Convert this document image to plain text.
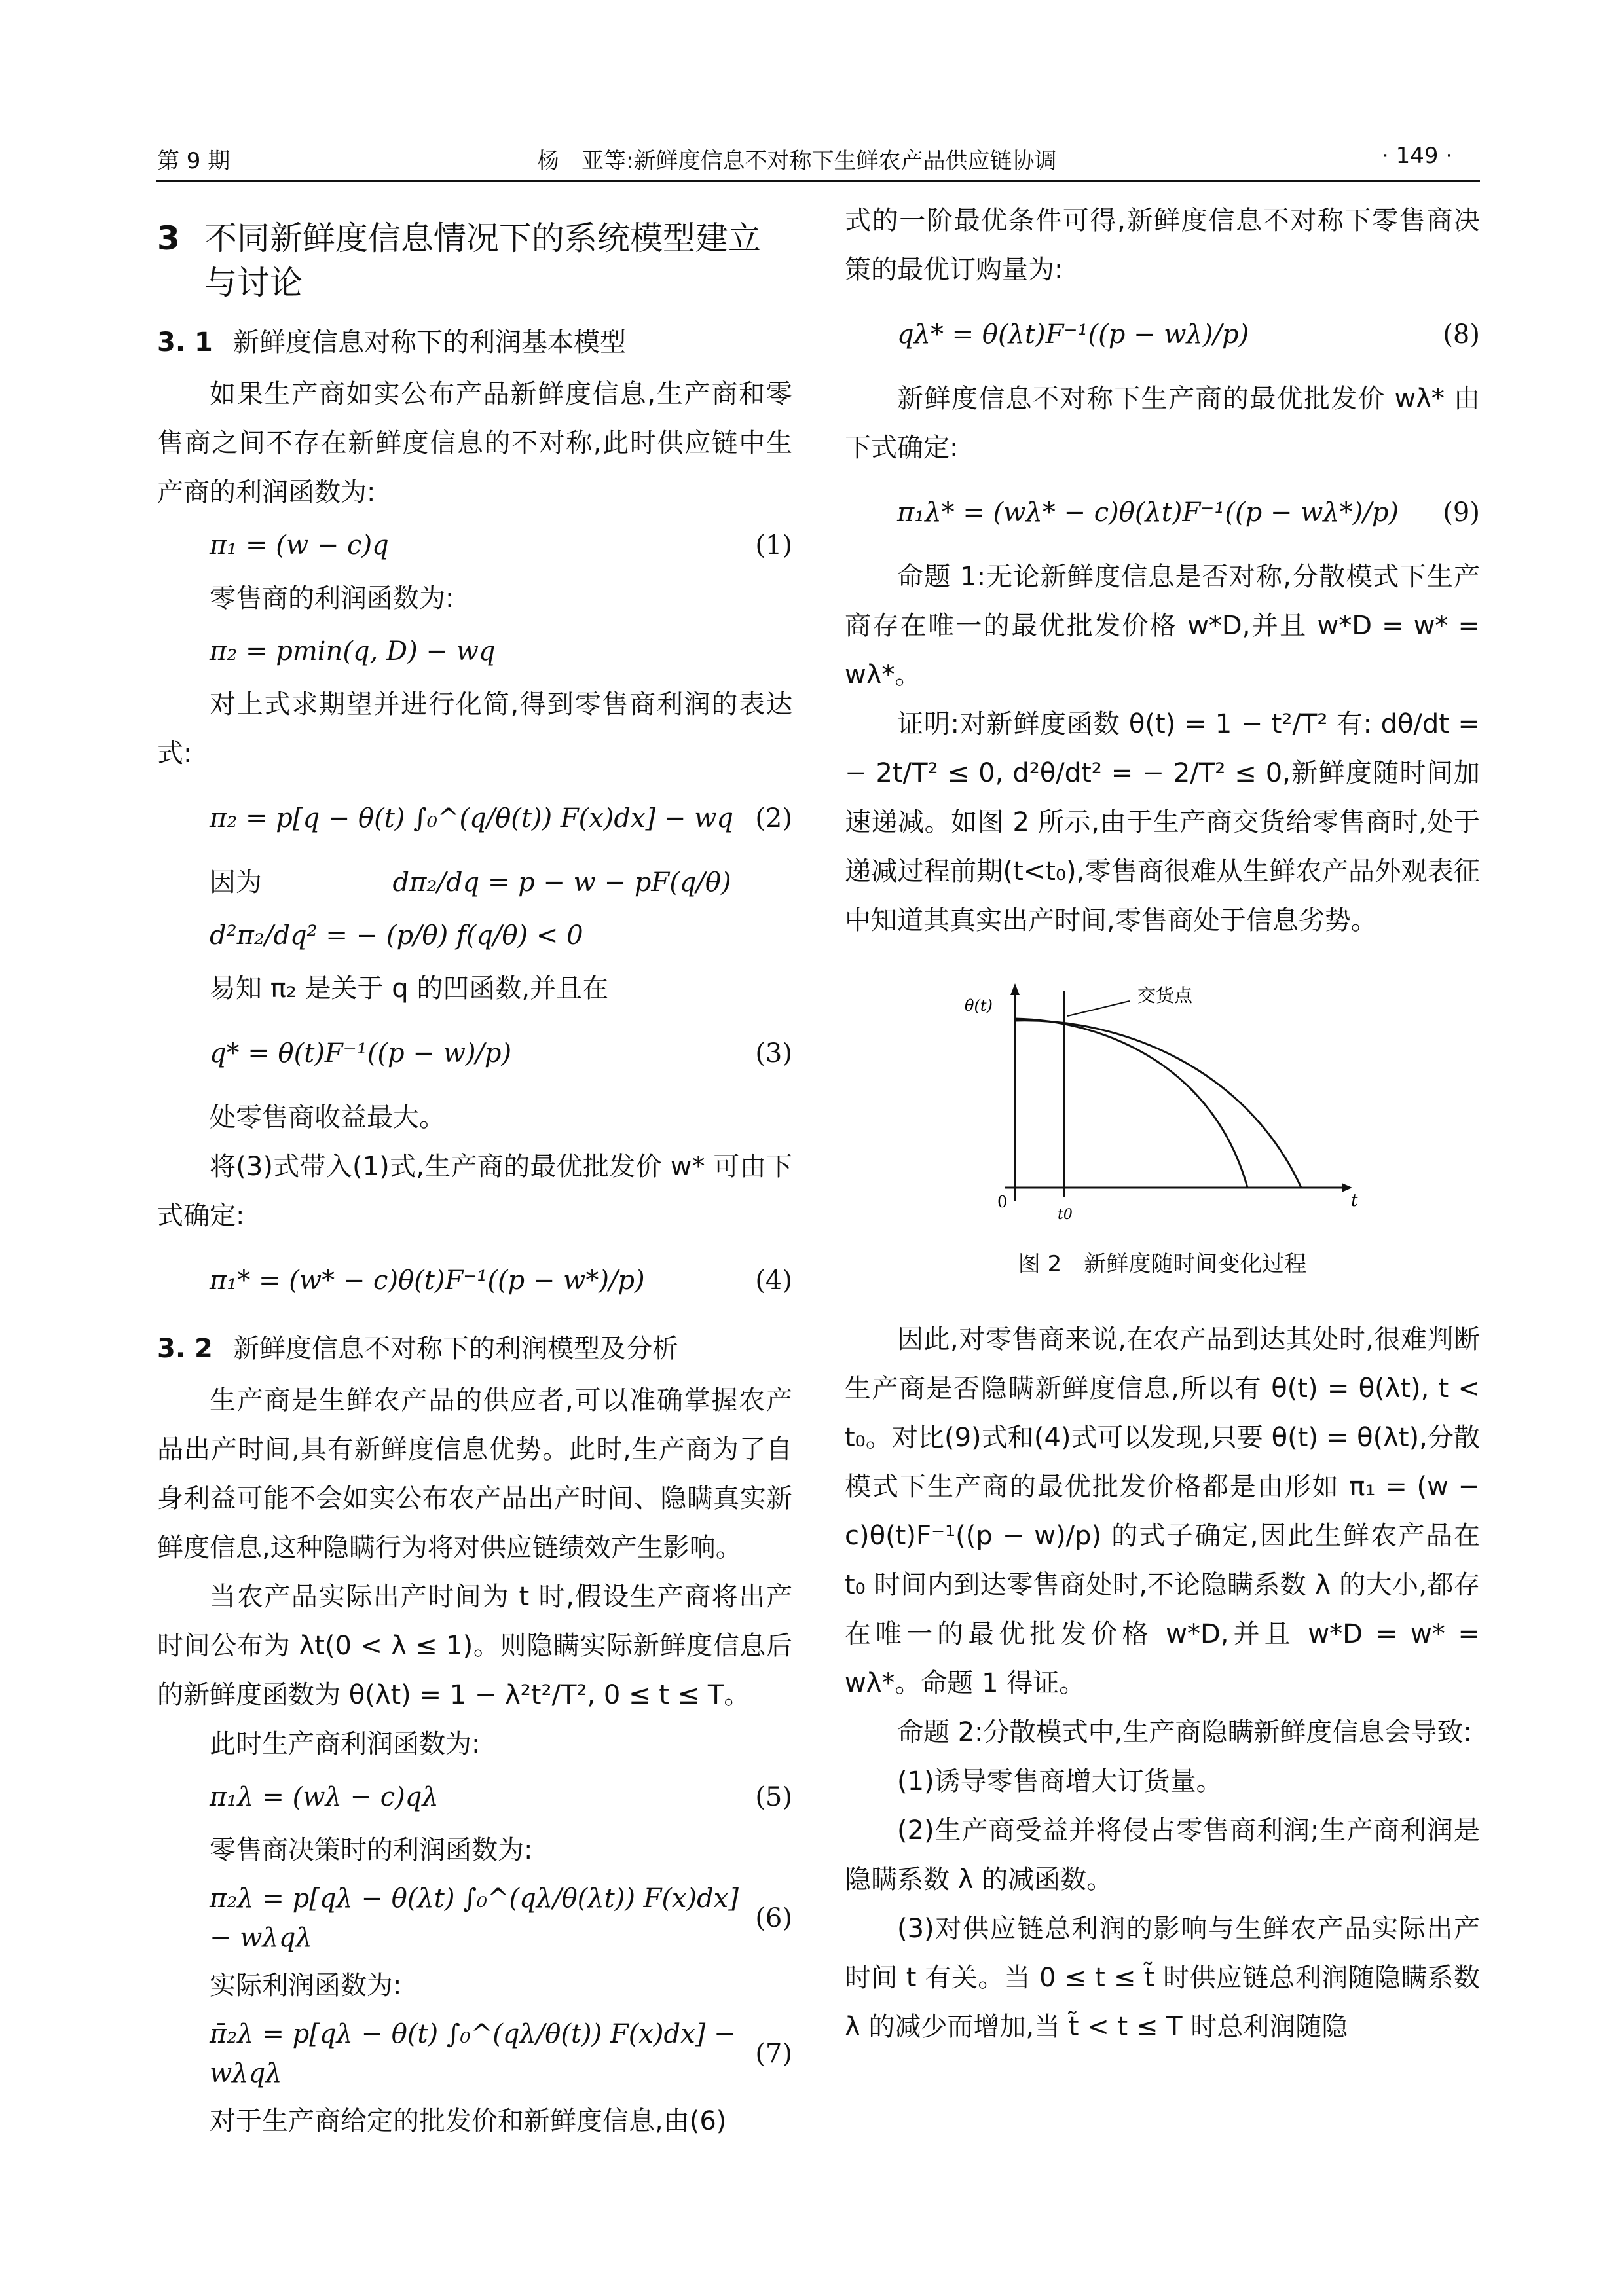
第 9 期	杨　亚等:新鲜度信息不对称下生鲜农产品供应链协调	· 149 ·
3 不同新鲜度信息情况下的系统模型建立与讨论
3. 1 新鲜度信息对称下的利润基本模型

如果生产商如实公布产品新鲜度信息,生产商和零售商之间不存在新鲜度信息的不对称,此时供应链中生产商的利润函数为:

π₁ = (w − c)q	(1)

零售商的利润函数为:

π₂ = pmin(q, D) − wq

对上式求期望并进行化简,得到零售商利润的表达式:

π₂ = p[q − θ(t) ∫₀^(q/θ(t)) F(x)dx] − wq (2)
因为
	dπ₂/dq = p − w − pF(q/θ)
d²π₂/dq² = − (p/θ) f(q/θ) < 0

易知 π₂ 是关于 q 的凹函数,并且在

q* = θ(t)F⁻¹((p − w)/p)	(3)

处零售商收益最大。

将(3)式带入(1)式,生产商的最优批发价 w* 可由下式确定:

π₁* = (w* − c)θ(t)F⁻¹((p − w*)/p)	(4)
3. 2 新鲜度信息不对称下的利润模型及分析

生产商是生鲜农产品的供应者,可以准确掌握农产品出产时间,具有新鲜度信息优势。此时,生产商为了自身利益可能不会如实公布农产品出产时间、隐瞒真实新鲜度信息,这种隐瞒行为将对供应链绩效产生影响。

当农产品实际出产时间为 t 时,假设生产商将出产时间公布为 λt(0 < λ ≤ 1)。则隐瞒实际新鲜度信息后的新鲜度函数为 θ(λt) = 1 − λ²t²/T², 0 ≤ t ≤ T。

此时生产商利润函数为:

π₁λ = (wλ − c)qλ	(5)

零售商决策时的利润函数为:

π₂λ = p[qλ − θ(λt) ∫₀^(qλ/θ(λt)) F(x)dx] − wλqλ
(6)

实际利润函数为:

π̄₂λ = p[qλ − θ(t) ∫₀^(qλ/θ(t)) F(x)dx] − wλqλ
(7)

对于生产商给定的批发价和新鲜度信息,由(6)

式的一阶最优条件可得,新鲜度信息不对称下零售商决策的最优订购量为:

qλ* = θ(λt)F⁻¹((p − wλ)/p)	(8)

新鲜度信息不对称下生产商的最优批发价 wλ* 由下式确定:

π₁λ* = (wλ* − c)θ(λt)F⁻¹((p − wλ*)/p) (9)

命题 1:无论新鲜度信息是否对称,分散模式下生产商存在唯一的最优批发价格 w*D,并且 w*D = w* = wλ*。

证明:对新鲜度函数 θ(t) = 1 − t²/T² 有: dθ/dt = − 2t/T² ≤ 0, d²θ/dt² = − 2/T² ≤ 0,新鲜度随时间加速递减。如图 2 所示,由于生产商交货给零售商时,处于递减过程前期(t<t₀),零售商很难从生鲜农产品外观表征中知道其真实出产时间,零售商处于信息劣势。

θ(t)
t
0
t0
交货点
图 2　新鲜度随时间变化过程

因此,对零售商来说,在农产品到达其处时,很难判断生产商是否隐瞒新鲜度信息,所以有 θ(t) = θ(λt), t < t₀。对比(9)式和(4)式可以发现,只要 θ(t) = θ(λt),分散模式下生产商的最优批发价格都是由形如 π₁ = (w − c)θ(t)F⁻¹((p − w)/p) 的式子确定,因此生鲜农产品在 t₀ 时间内到达零售商处时,不论隐瞒系数 λ 的大小,都存在唯一的最优批发价格 w*D,并且 w*D = w* = wλ*。命题 1 得证。

命题 2:分散模式中,生产商隐瞒新鲜度信息会导致:

(1)诱导零售商增大订货量。

(2)生产商受益并将侵占零售商利润;生产商利润是隐瞒系数 λ 的减函数。

(3)对供应链总利润的影响与生鲜农产品实际出产时间 t 有关。当 0 ≤ t ≤ t̃ 时供应链总利润随隐瞒系数 λ 的减少而增加,当 t̃ < t ≤ T 时总利润随隐
